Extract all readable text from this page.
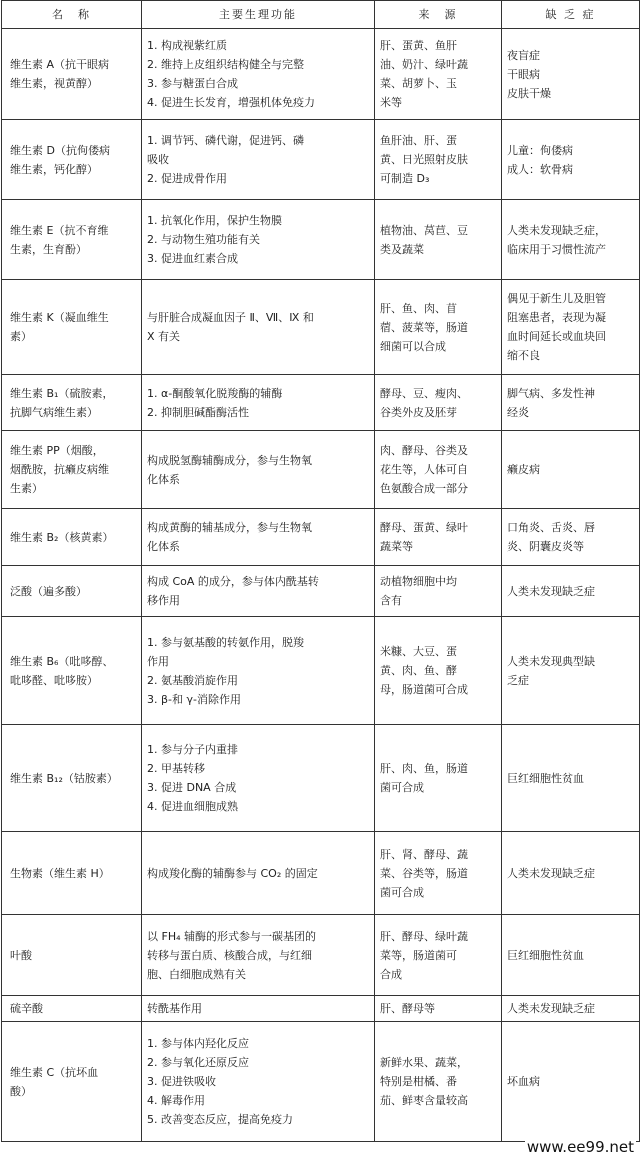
名　称	主要生理功能	来　源	缺 乏 症

维生素 A（抗干眼病
维生素，视黄醇）	1. 构成视紫红质
2. 维持上皮组织结构健全与完整
3. 参与糖蛋白合成
4. 促进生长发育，增强机体免疫力	肝、蛋黄、鱼肝
油、奶汁、绿叶蔬
菜、胡萝卜、玉
米等	夜盲症
干眼病
皮肤干燥

维生素 D（抗佝偻病
维生素，钙化醇）	1. 调节钙、磷代谢，促进钙、磷
吸收
2. 促进成骨作用	鱼肝油、肝、蛋
黄、日光照射皮肤
可制造 D₃	儿童：佝偻病
成人：软骨病

维生素 E（抗不育维
生素，生育酚）	1. 抗氧化作用，保护生物膜
2. 与动物生殖功能有关
3. 促进血红素合成	植物油、莴苣、豆
类及蔬菜	人类未发现缺乏症，
临床用于习惯性流产

维生素 K（凝血维生
素）	与肝脏合成凝血因子 Ⅱ、Ⅶ、Ⅸ 和
Ⅹ 有关	肝、鱼、肉、苜
蓿、菠菜等，肠道
细菌可以合成	偶见于新生儿及胆管
阻塞患者，表现为凝
血时间延长或血块回
缩不良

维生素 B₁（硫胺素，
抗脚气病维生素）	1. α-酮酸氧化脱羧酶的辅酶
2. 抑制胆碱酯酶活性	酵母、豆、瘦肉、
谷类外皮及胚芽	脚气病、多发性神
经炎

维生素 PP（烟酸，
烟酰胺，抗癞皮病维
生素）	构成脱氢酶辅酶成分，参与生物氧
化体系	肉、酵母、谷类及
花生等，人体可自
色氨酸合成一部分	癞皮病

维生素 B₂（核黄素）	构成黄酶的辅基成分，参与生物氧
化体系	酵母、蛋黄、绿叶
蔬菜等	口角炎、舌炎、唇
炎、阴囊皮炎等

泛酸（遍多酸）	构成 CoA 的成分，参与体内酰基转
移作用	动植物细胞中均
含有	人类未发现缺乏症

维生素 B₆（吡哆醇、
吡哆醛、吡哆胺）	1. 参与氨基酸的转氨作用，脱羧
作用
2. 氨基酸消旋作用
3. β-和 γ-消除作用	米糠、大豆、蛋
黄、肉、鱼、酵
母，肠道菌可合成	人类未发现典型缺
乏症

维生素 B₁₂（钴胺素）	1. 参与分子内重排
2. 甲基转移
3. 促进 DNA 合成
4. 促进血细胞成熟	肝、肉、鱼，肠道
菌可合成	巨红细胞性贫血

生物素（维生素 H）	构成羧化酶的辅酶参与 CO₂ 的固定	肝、肾、酵母、蔬
菜、谷类等，肠道
菌可合成	人类未发现缺乏症

叶酸	以 FH₄ 辅酶的形式参与一碳基团的
转移与蛋白质、核酸合成，与红细
胞、白细胞成熟有关	肝、酵母、绿叶蔬
菜等，肠道菌可
合成	巨红细胞性贫血

硫辛酸	转酰基作用	肝、酵母等	人类未发现缺乏症

维生素 C（抗坏血
酸）	1. 参与体内羟化反应
2. 参与氧化还原反应
3. 促进铁吸收
4. 解毒作用
5. 改善变态反应，提高免疫力	新鲜水果、蔬菜，
特别是柑橘、番
茄、鲜枣含量较高	坏血病
www.ee99.net
